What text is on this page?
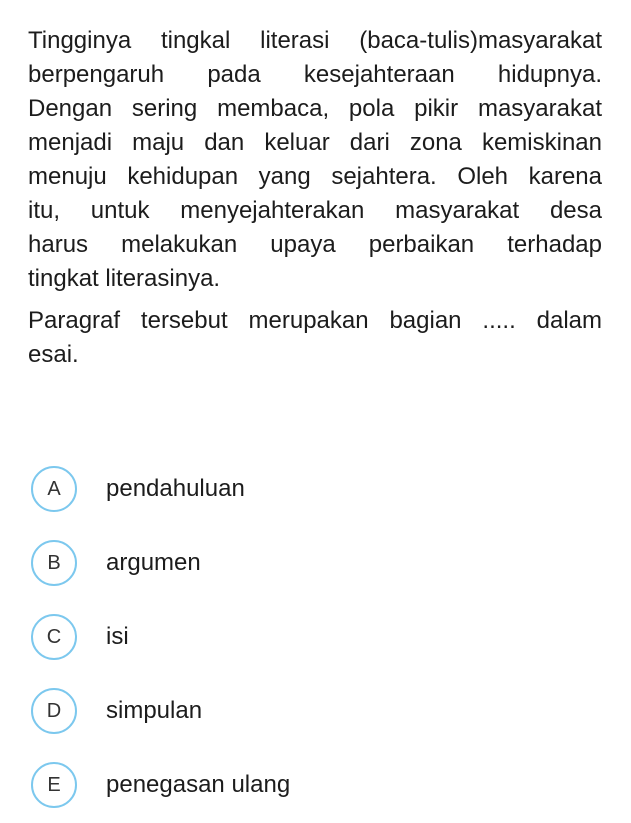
Tingginya tingkal literasi (baca-tulis)masyarakat
berpengaruh pada kesejahteraan hidupnya.
Dengan sering membaca, pola pikir masyarakat
menjadi maju dan keluar dari zona kemiskinan
menuju kehidupan yang sejahtera. Oleh karena
itu, untuk menyejahterakan masyarakat desa
harus melakukan upaya perbaikan terhadap
tingkat literasinya.
Paragraf tersebut merupakan bagian ..... dalam
esai.
A	pendahuluan
B	argumen
C	isi
D	simpulan
E	penegasan ulang
